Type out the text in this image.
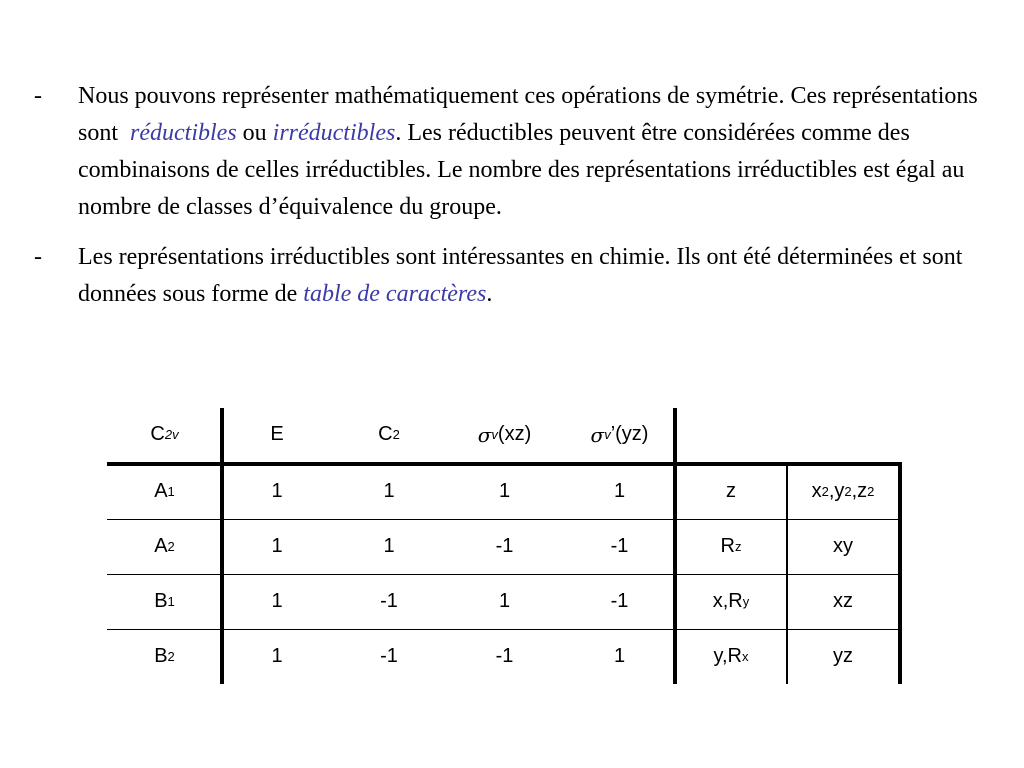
-	Nous pouvons représenter mathématiquement ces opérations de symétrie. Ces représentations sont réductibles ou irréductibles. Les réductibles peuvent être considérées comme des combinaisons de celles irréductibles. Le nombre des représentations irréductibles est égal au nombre de classes d’équivalence du groupe.
-	Les représentations irréductibles sont intéressantes en chimie. Ils ont été déterminées et sont données sous forme de table de caractères.
C 2v	E	C 2	σ v (xz)	σ v ’(yz)
A 1	1	1	1	1	z	x 2 ,y 2 ,z 2
A 2	1	1	-1	-1	R z	xy
B 1	1	-1	1	-1	x,R y	xz
B 2	1	-1	-1	1	y,R x	yz
